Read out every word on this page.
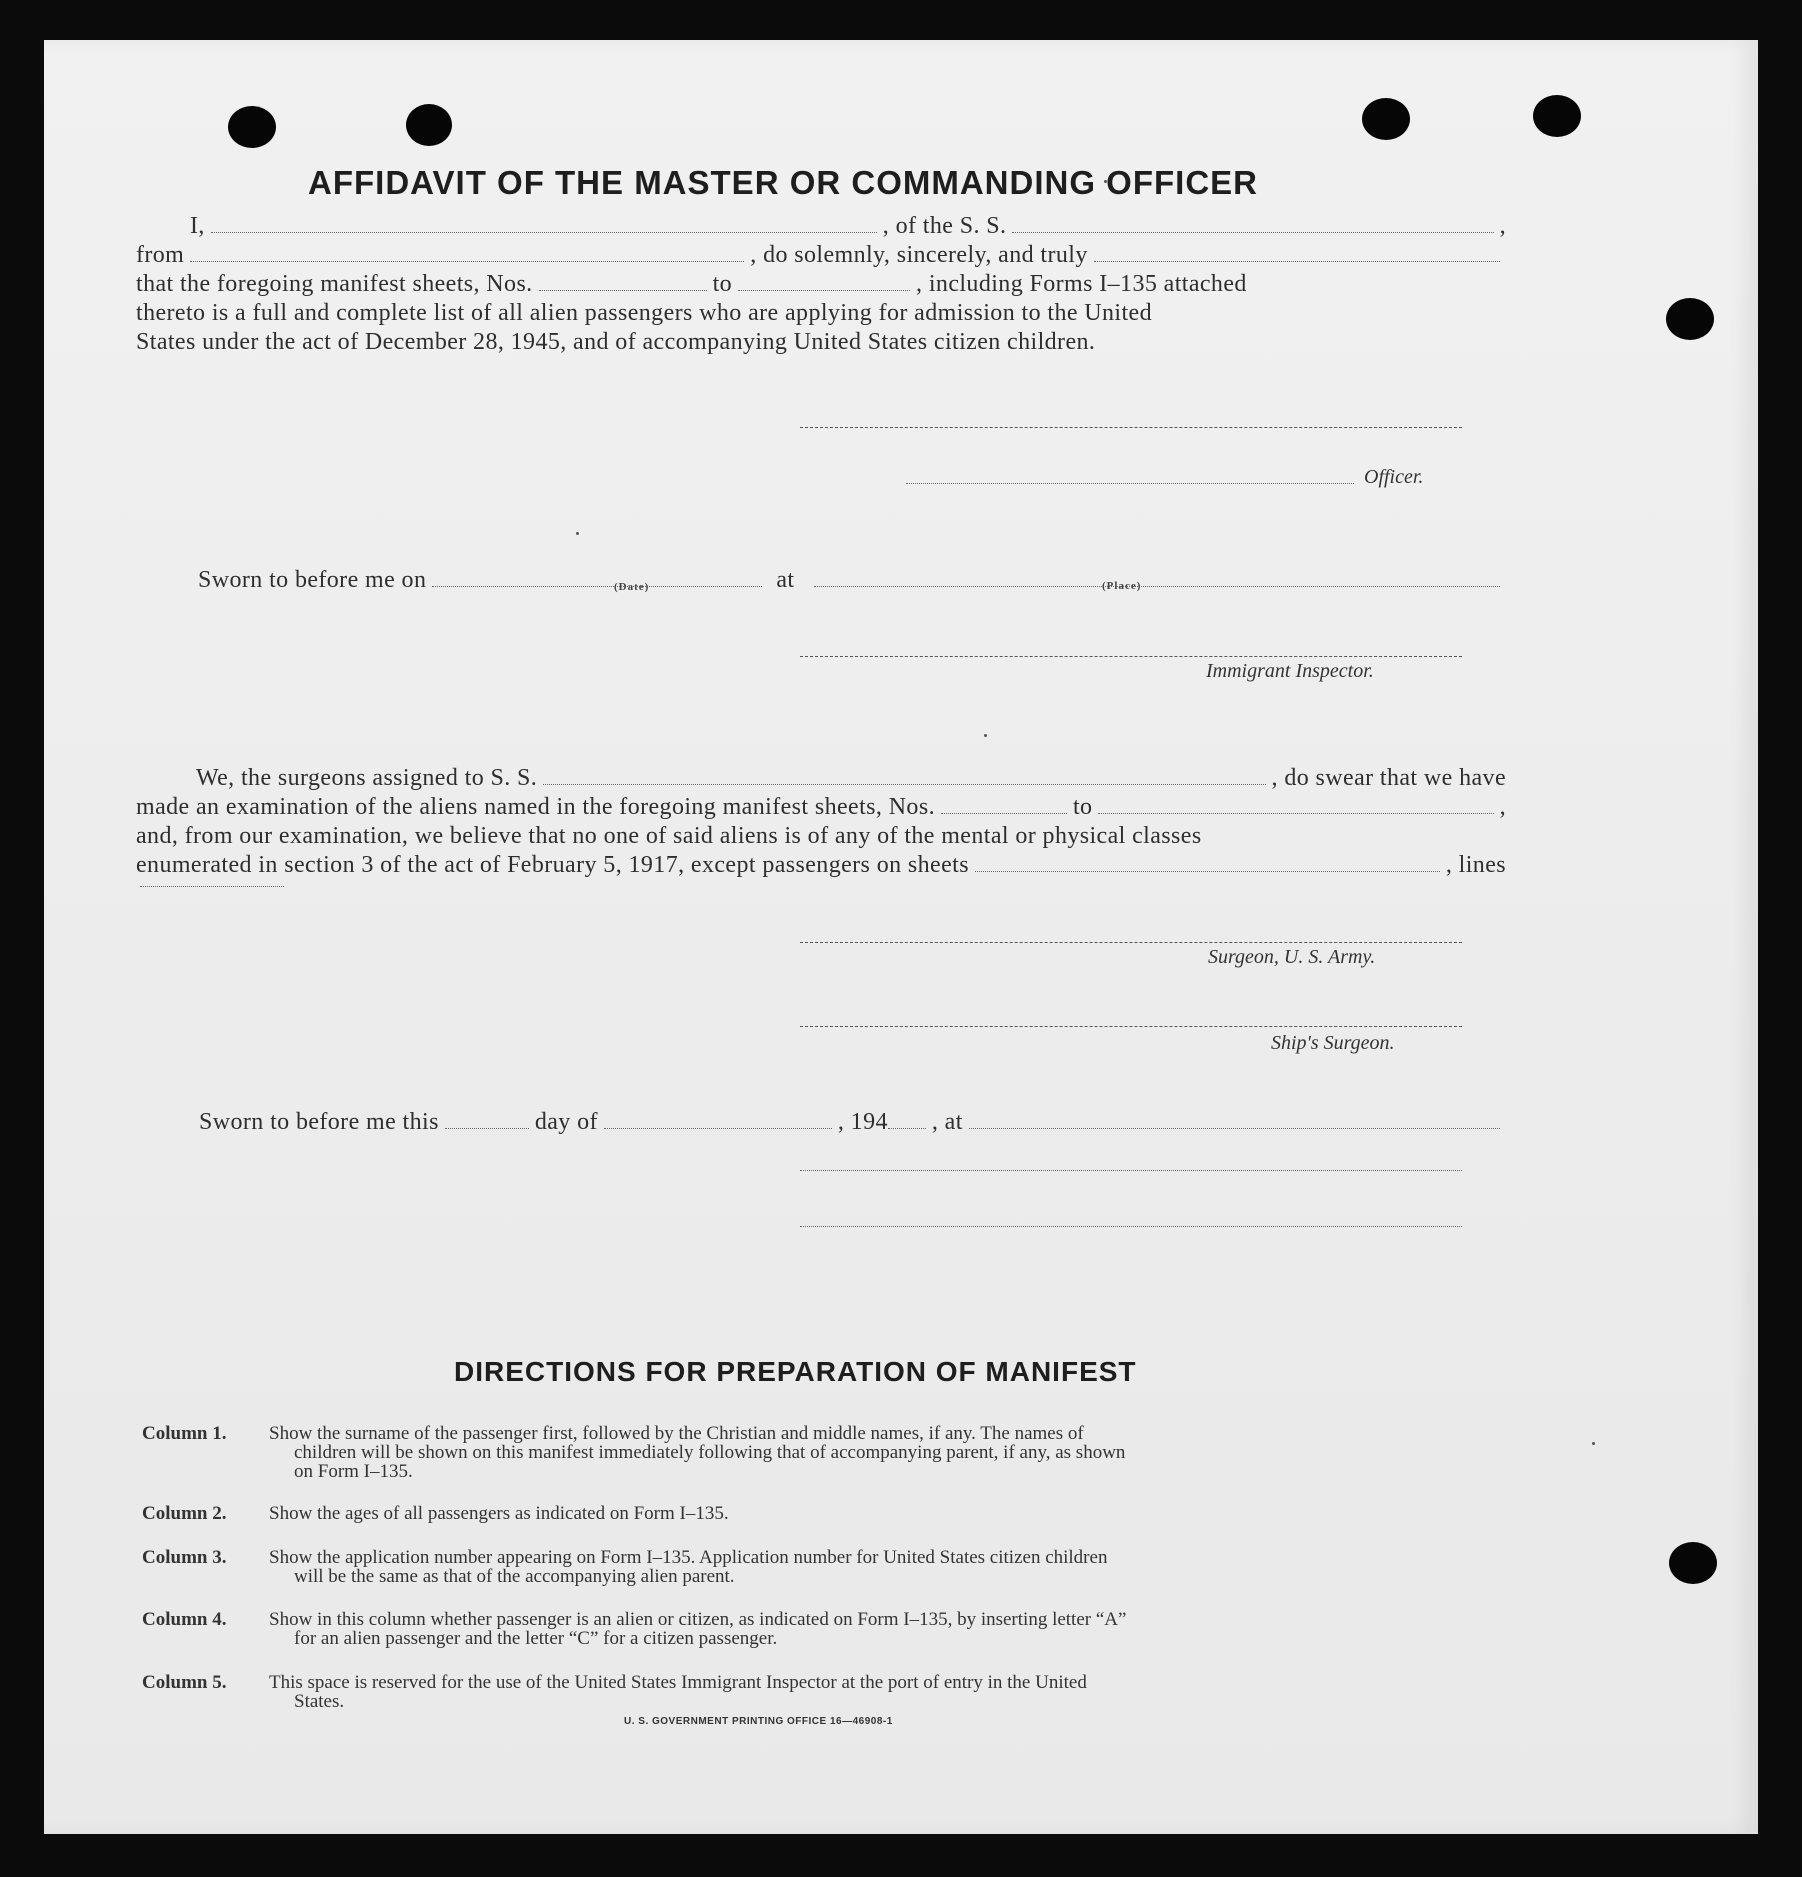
AFFIDAVIT OF THE MASTER OR COMMANDING OFFICER
I,	, of the S. S.	,
from	, do solemnly, sincerely, and truly
that the foregoing manifest sheets, Nos.	to	, including Forms I–135 attached
thereto is a full and complete list of all alien passengers who are applying for admission to the United
States under the act of December 28, 1945, and of accompanying United States citizen children.
Officer.
Sworn to before me on	at
(Date)	(Place)
Immigrant Inspector.
We, the surgeons assigned to S. S.	, do swear that we have
made an examination of the aliens named in the foregoing manifest sheets, Nos.	to	,
and, from our examination, we believe that no one of said aliens is of any of the mental or physical classes
enumerated in section 3 of the act of February 5, 1917, except passengers on sheets	, lines
Surgeon, U. S. Army.
Ship's Surgeon.
Sworn to before me this	day of	, 194 , at
DIRECTIONS FOR PREPARATION OF MANIFEST
Column 1.	Show the surname of the passenger first, followed by the Christian and middle names, if any. The names of
children will be shown on this manifest immediately following that of accompanying parent, if any, as shown
on Form I–135.
Column 2.	Show the ages of all passengers as indicated on Form I–135.
Column 3.	Show the application number appearing on Form I–135. Application number for United States citizen children
will be the same as that of the accompanying alien parent.
Column 4.	Show in this column whether passenger is an alien or citizen, as indicated on Form I–135, by inserting letter “A”
for an alien passenger and the letter “C” for a citizen passenger.
Column 5.	This space is reserved for the use of the United States Immigrant Inspector at the port of entry in the United
States.
U. S. GOVERNMENT PRINTING OFFICE 16—46908-1
